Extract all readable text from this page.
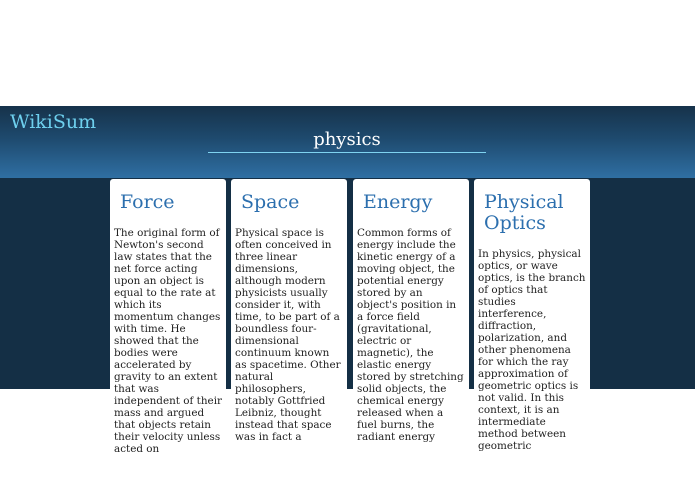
WikiSum
physics
Force
The original form of Newton's second law states that the net force acting upon an object is equal to the rate at which its momentum changes with time. He showed that the bodies were accelerated by gravity to an extent that was independent of their mass and argued that objects retain their velocity unless acted on
Space
Physical space is often conceived in three linear dimensions, although modern physicists usually consider it, with time, to be part of a boundless four-dimensional continuum known as spacetime. Other natural philosophers, notably Gottfried Leibniz, thought instead that space was in fact a
Energy
Common forms of energy include the kinetic energy of a moving object, the potential energy stored by an object's position in a force field (gravitational, electric or magnetic), the elastic energy stored by stretching solid objects, the chemical energy released when a fuel burns, the radiant energy
Physical Optics
In physics, physical optics, or wave optics, is the branch of optics that studies interference, diffraction, polarization, and other phenomena for which the ray approximation of geometric optics is not valid. In this context, it is an intermediate method between geometric
